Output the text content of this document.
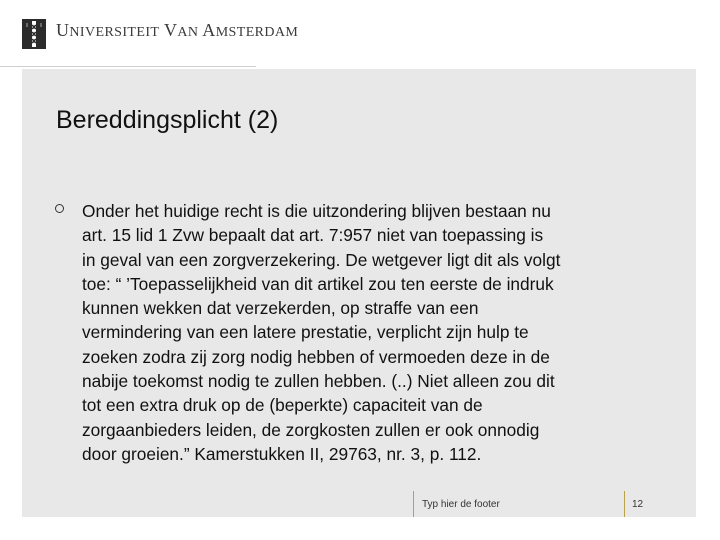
UNIVERSITEIT VAN AMSTERDAM
Bereddingsplicht (2)

Onder het huidige recht is die uitzondering blijven bestaan nu
art. 15 lid 1 Zvw bepaalt dat art. 7:957 niet van toepassing is
in geval van een zorgverzekering. De wetgever ligt dit als volgt
toe: “ ’Toepasselijkheid van dit artikel zou ten eerste de indruk
kunnen wekken dat verzekerden, op straffe van een
vermindering van een latere prestatie, verplicht zijn hulp te
zoeken zodra zij zorg nodig hebben of vermoeden deze in de
nabije toekomst nodig te zullen hebben. (..) Niet alleen zou dit
tot een extra druk op de (beperkte) capaciteit van de
zorgaanbieders leiden, de zorgkosten zullen er ook onnodig
door groeien.” Kamerstukken II, 29763, nr. 3, p. 112.

Typ hier de footer	12
